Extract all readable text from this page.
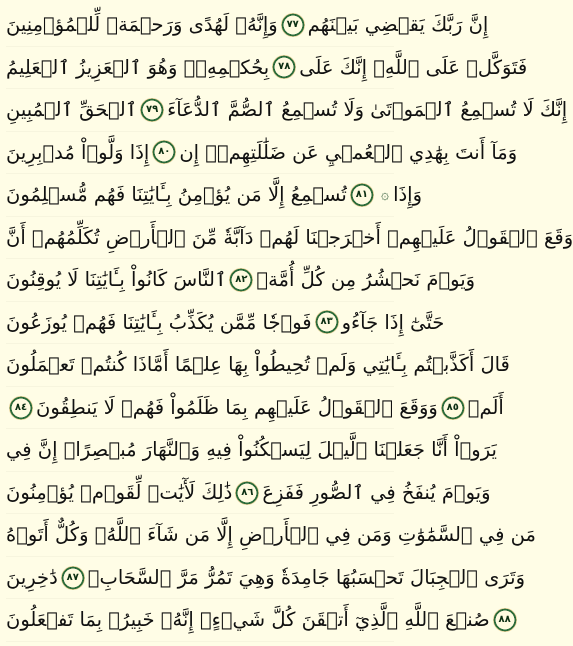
وَإِنَّهُۥ لَهُدًى وَرَحۡمَةٞ لِّلۡمُؤۡمِنِينَ ٧٧ إِنَّ رَبَّكَ يَقۡضِي بَيۡنَهُم
بِحُكۡمِهِۦۚ وَهُوَ ٱلۡعَزِيزُ ٱلۡعَلِيمُ ٧٨ فَتَوَكَّلۡ عَلَى ٱللَّهِۖ إِنَّكَ عَلَى
ٱلۡحَقِّ ٱلۡمُبِينِ ٧٩ إِنَّكَ لَا تُسۡمِعُ ٱلۡمَوۡتَىٰ وَلَا تُسۡمِعُ ٱلصُّمَّ ٱلدُّعَآءَ
إِذَا وَلَّوۡاْ مُدۡبِرِينَ ٨٠ وَمَآ أَنتَ بِهَٰدِي ٱلۡعُمۡيِ عَن ضَلَٰلَتِهِمۡۖ إِن
تُسۡمِعُ إِلَّا مَن يُؤۡمِنُ بِـَٔايَٰتِنَا فَهُم مُّسۡلِمُونَ ٨١ ۞ وَإِذَا
وَقَعَ ٱلۡقَوۡلُ عَلَيۡهِمۡ أَخۡرَجۡنَا لَهُمۡ دَآبَّةٗ مِّنَ ٱلۡأَرۡضِ تُكَلِّمُهُمۡ أَنَّ
ٱلنَّاسَ كَانُواْ بِـَٔايَٰتِنَا لَا يُوقِنُونَ ٨٢ وَيَوۡمَ نَحۡشُرُ مِن كُلِّ أُمَّةٖ
فَوۡجٗا مِّمَّن يُكَذِّبُ بِـَٔايَٰتِنَا فَهُمۡ يُوزَعُونَ ٨٣ حَتَّىٰٓ إِذَا جَآءُو
قَالَ أَكَذَّبۡتُم بِـَٔايَٰتِي وَلَمۡ تُحِيطُواْ بِهَا عِلۡمًا أَمَّاذَا كُنتُمۡ تَعۡمَلُونَ
٨٤ وَوَقَعَ ٱلۡقَوۡلُ عَلَيۡهِم بِمَا ظَلَمُواْ فَهُمۡ لَا يَنطِقُونَ ٨٥ أَلَمۡ
يَرَوۡاْ أَنَّا جَعَلۡنَا ٱلَّيۡلَ لِيَسۡكُنُواْ فِيهِ وَٱلنَّهَارَ مُبۡصِرًاۚ إِنَّ فِي
ذَٰلِكَ لَأٓيَٰتٖ لِّقَوۡمٖ يُؤۡمِنُونَ ٨٦ وَيَوۡمَ يُنفَخُ فِي ٱلصُّورِ فَفَزِعَ
مَن فِي ٱلسَّمَٰوَٰتِ وَمَن فِي ٱلۡأَرۡضِ إِلَّا مَن شَآءَ ٱللَّهُۚ وَكُلٌّ أَتَوۡهُ
دَٰخِرِينَ ٨٧ وَتَرَى ٱلۡجِبَالَ تَحۡسَبُهَا جَامِدَةٗ وَهِيَ تَمُرُّ مَرَّ ٱلسَّحَابِۚ
صُنۡعَ ٱللَّهِ ٱلَّذِيٓ أَتۡقَنَ كُلَّ شَيۡءٍۚ إِنَّهُۥ خَبِيرُۢ بِمَا تَفۡعَلُونَ ٨٨
